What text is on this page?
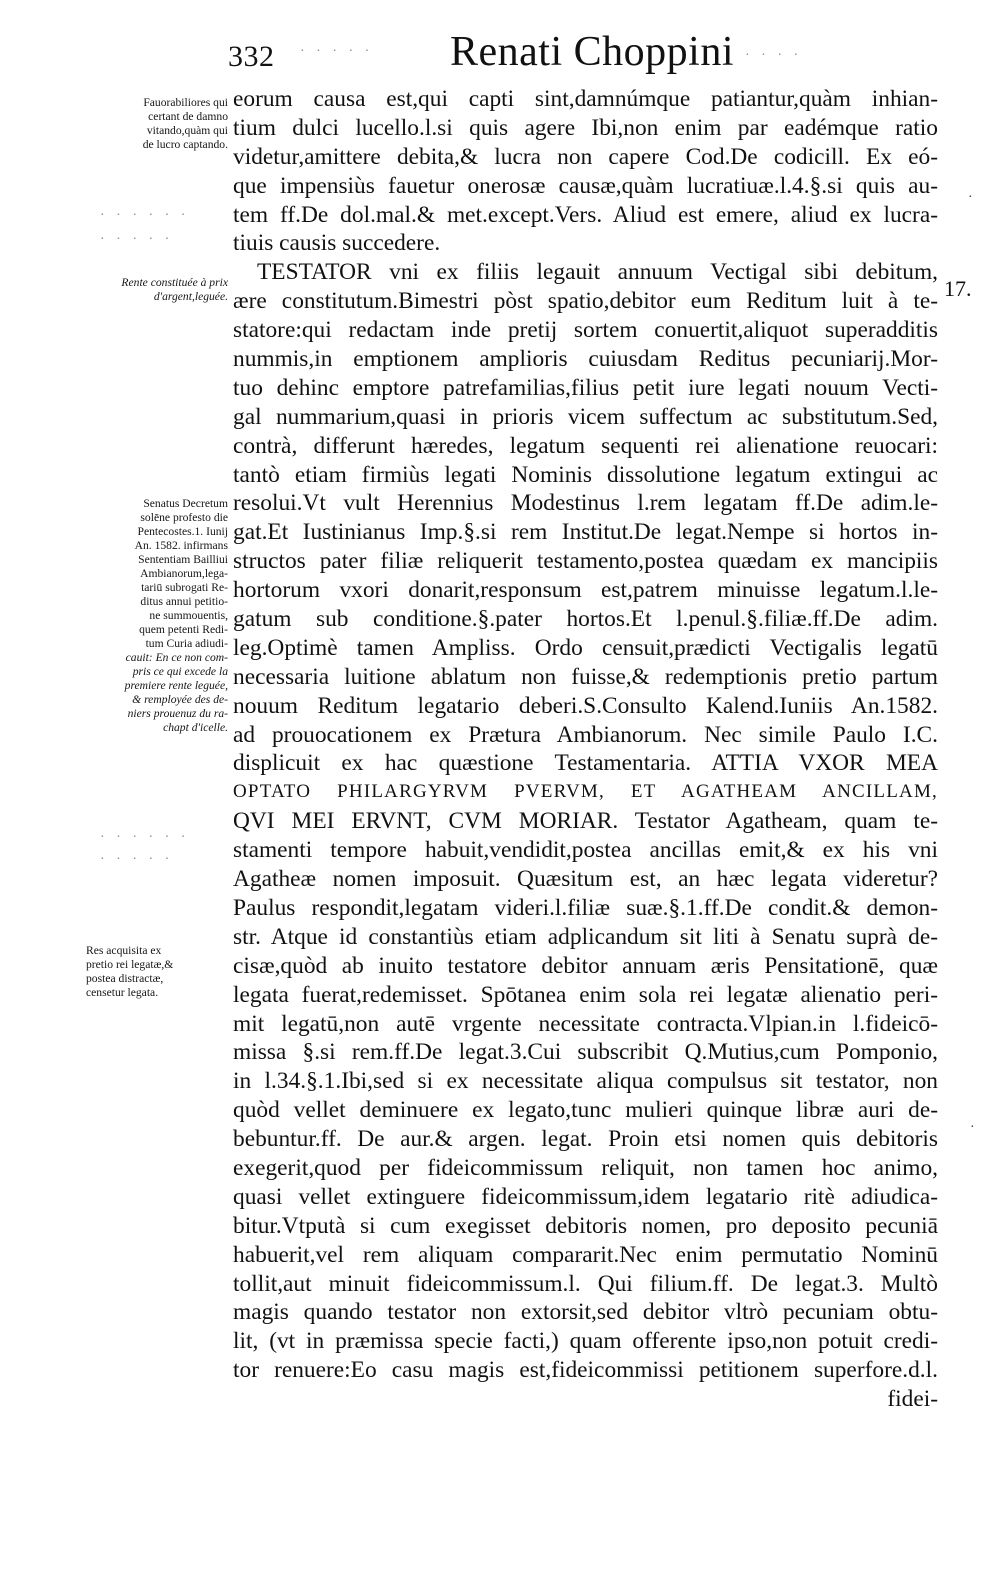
332 · · · · · Renati Choppini · · · ·
Fauorabiliores qui
certant de damno
vitando,quàm qui
de lucro captando.
· · · · · ·
· · · · ·
Rente constituée à prix
d'argent,leguée.
Senatus Decretum
solēne profesto die
Pentecostes.1. Iunij
An. 1582. infirmans
Sententiam Bailliui
Ambianorum,lega-
tariū subrogati Re-
ditus annui petitio-
ne summouentis,
quem petenti Redi-
tum Curia adiudi-
cauit: En ce non com-
pris ce qui excede la
premiere rente leguée,
& remployée des de-
niers prouenuz du ra-
chapt d'icelle.
· · · · · ·
· · · · ·
Res acquisita ex
pretio rei legatæ,&
postea distractæ,
censetur legata.
17.
·
·
eorum causa est,qui capti sint,damnúmque patiantur,quàm inhian-
tium dulci lucello.l.si quis agere Ibi,non enim par eadémque ratio
videtur,amittere debita,& lucra non capere Cod.De codicill. Ex eó-
que impensiùs fauetur onerosæ causæ,quàm lucratiuæ.l.4.§.si quis au-
tem ff.De dol.mal.& met.except.Vers. Aliud est emere, aliud ex lucra-
tiuis causis succedere.
TESTATOR vni ex filiis legauit annuum Vectigal sibi debitum,
ære constitutum.Bimestri pòst spatio,debitor eum Reditum luit à te-
statore:qui redactam inde pretij sortem conuertit,aliquot superadditis
nummis,in emptionem amplioris cuiusdam Reditus pecuniarij.Mor-
tuo dehinc emptore patrefamilias,filius petit iure legati nouum Vecti-
gal nummarium,quasi in prioris vicem suffectum ac substitutum.Sed,
contrà, differunt hæredes, legatum sequenti rei alienatione reuocari:
tantò etiam firmiùs legati Nominis dissolutione legatum extingui ac
resolui.Vt vult Herennius Modestinus l.rem legatam ff.De adim.le-
gat.Et Iustinianus Imp.§.si rem Institut.De legat.Nempe si hortos in-
structos pater filiæ reliquerit testamento,postea quædam ex mancipiis
hortorum vxori donarit,responsum est,patrem minuisse legatum.l.le-
gatum sub conditione.§.pater hortos.Et l.penul.§.filiæ.ff.De adim.
leg.Optimè tamen Ampliss. Ordo censuit,prædicti Vectigalis legatū
necessaria luitione ablatum non fuisse,& redemptionis pretio partum
nouum Reditum legatario deberi.S.Consulto Kalend.Iuniis An.1582.
ad prouocationem ex Prætura Ambianorum. Nec simile Paulo I.C.
displicuit ex hac quæstione Testamentaria. ATTIA VXOR MEA
OPTATO PHILARGYRVM PVERVM, ET AGATHEAM ANCILLAM,
QVI MEI ERVNT, CVM MORIAR. Testator Agatheam, quam te-
stamenti tempore habuit,vendidit,postea ancillas emit,& ex his vni
Agatheæ nomen imposuit. Quæsitum est, an hæc legata videretur?
Paulus respondit,legatam videri.l.filiæ suæ.§.1.ff.De condit.& demon-
str. Atque id constantiùs etiam adplicandum sit liti à Senatu suprà de-
cisæ,quòd ab inuito testatore debitor annuam æris Pensitationē, quæ
legata fuerat,redemisset. Spōtanea enim sola rei legatæ alienatio peri-
mit legatū,non autē vrgente necessitate contracta.Vlpian.in l.fideicō-
missa §.si rem.ff.De legat.3.Cui subscribit Q.Mutius,cum Pomponio,
in l.34.§.1.Ibi,sed si ex necessitate aliqua compulsus sit testator, non
quòd vellet deminuere ex legato,tunc mulieri quinque libræ auri de-
bebuntur.ff. De aur.& argen. legat. Proin etsi nomen quis debitoris
exegerit,quod per fideicommissum reliquit, non tamen hoc animo,
quasi vellet extinguere fideicommissum,idem legatario ritè adiudica-
bitur.Vtputà si cum exegisset debitoris nomen, pro deposito pecuniā
habuerit,vel rem aliquam compararit.Nec enim permutatio Nominū
tollit,aut minuit fideicommissum.l. Qui filium.ff. De legat.3. Multò
magis quando testator non extorsit,sed debitor vltrò pecuniam obtu-
lit, (vt in præmissa specie facti,) quam offerente ipso,non potuit credi-
tor renuere:Eo casu magis est,fideicommissi petitionem superfore.d.l.
fidei-
